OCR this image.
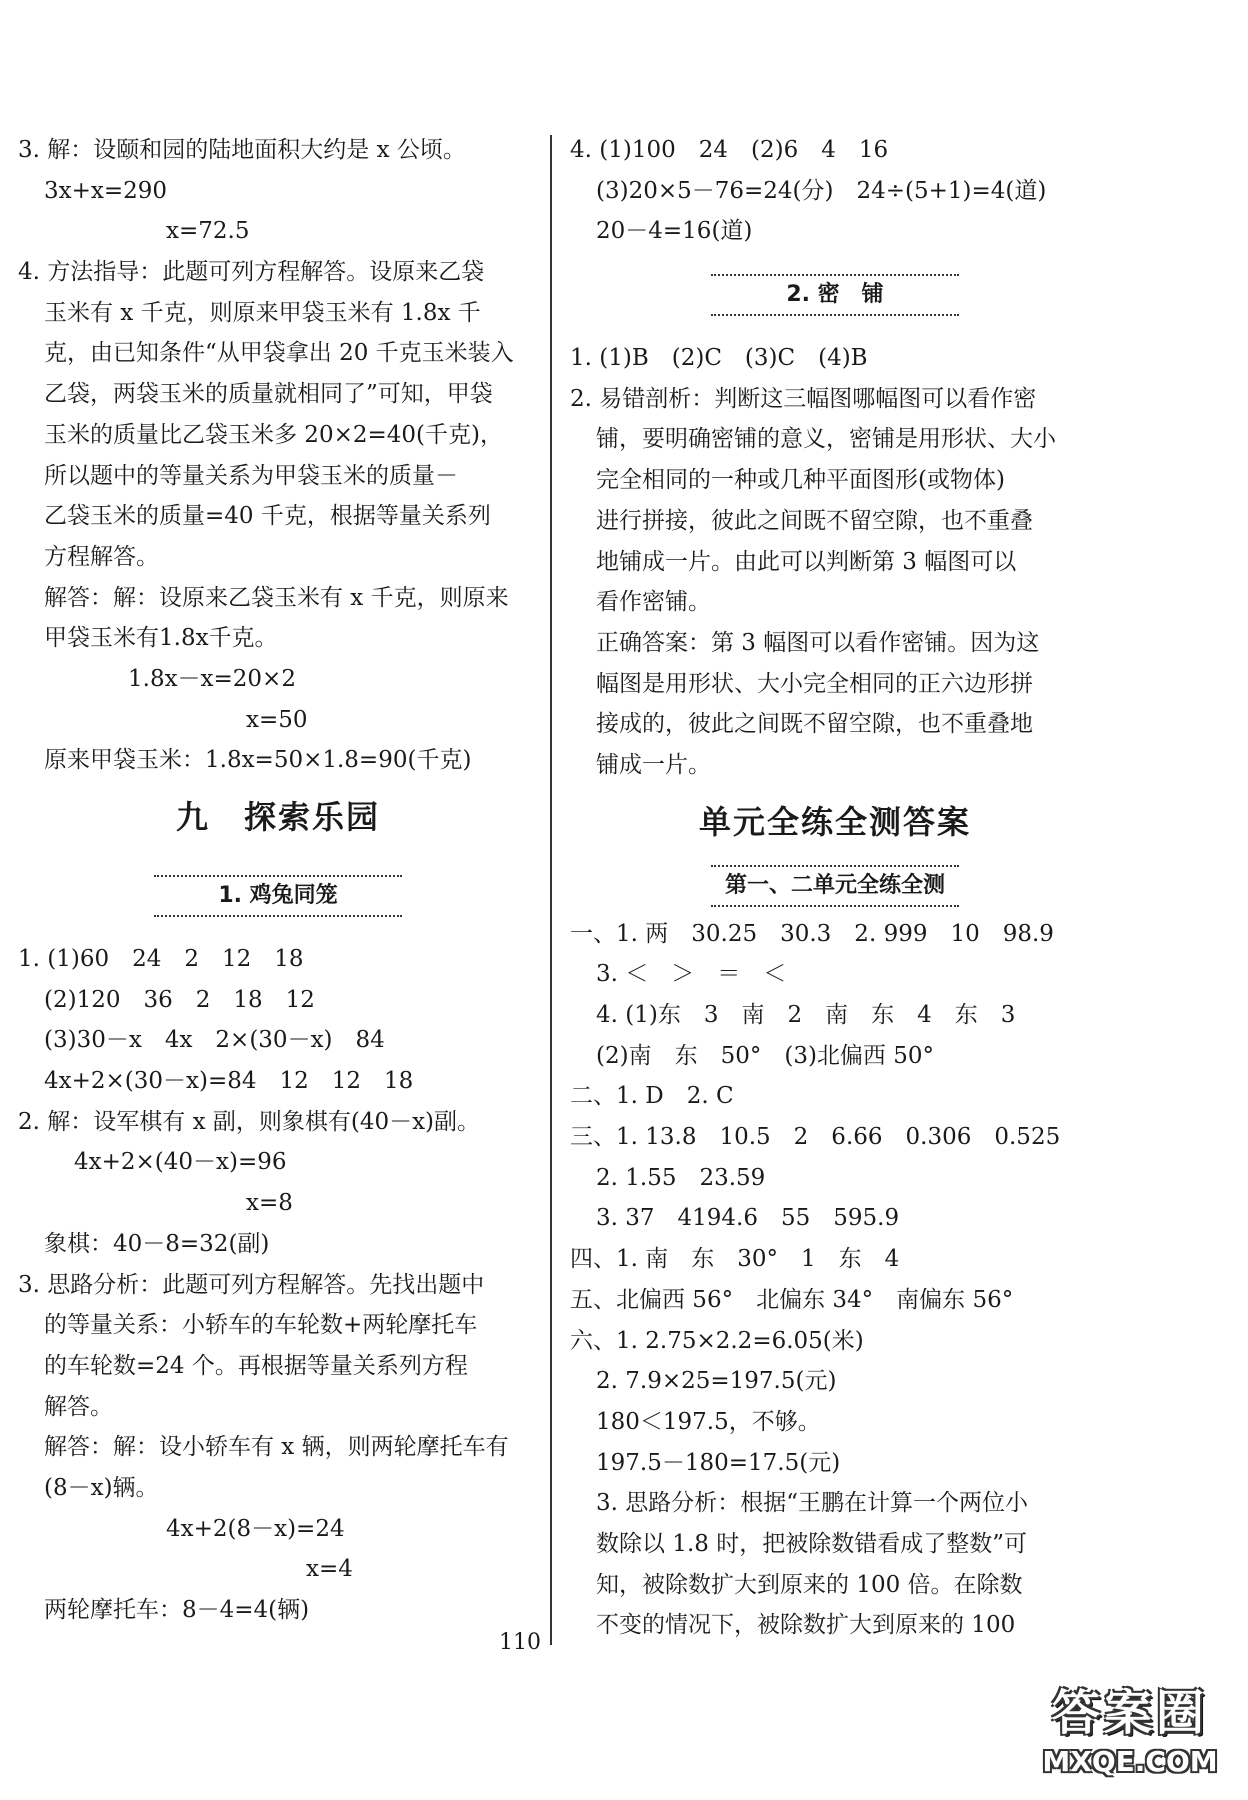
3. 解：设颐和园的陆地面积大约是 x 公顷。
3x+x=290
x=72.5
4. 方法指导：此题可列方程解答。设原来乙袋
玉米有 x 千克，则原来甲袋玉米有 1.8x 千
克，由已知条件“从甲袋拿出 20 千克玉米装入
乙袋，两袋玉米的质量就相同了”可知，甲袋
玉米的质量比乙袋玉米多 20×2=40(千克)，
所以题中的等量关系为甲袋玉米的质量－
乙袋玉米的质量=40 千克，根据等量关系列
方程解答。
解答：解：设原来乙袋玉米有 x 千克，则原来
甲袋玉米有1.8x千克。
1.8x－x=20×2
x=50
原来甲袋玉米：1.8x=50×1.8=90(千克)
九　探索乐园
1. 鸡兔同笼
1. (1)60　24　2　12　18
(2)120　36　2　18　12
(3)30－x　4x　2×(30－x)　84
4x+2×(30－x)=84　12　12　18
2. 解：设军棋有 x 副，则象棋有(40－x)副。
4x+2×(40－x)=96
x=8
象棋：40－8=32(副)
3. 思路分析：此题可列方程解答。先找出题中
的等量关系：小轿车的车轮数+两轮摩托车
的车轮数=24 个。再根据等量关系列方程
解答。
解答：解：设小轿车有 x 辆，则两轮摩托车有
(8－x)辆。
4x+2(8－x)=24
x=4
两轮摩托车：8－4=4(辆)
4. (1)100　24　(2)6　4　16
(3)20×5－76=24(分)　24÷(5+1)=4(道)
20－4=16(道)
2. 密　铺
1. (1)B　(2)C　(3)C　(4)B
2. 易错剖析：判断这三幅图哪幅图可以看作密
铺，要明确密铺的意义，密铺是用形状、大小
完全相同的一种或几种平面图形(或物体)
进行拼接，彼此之间既不留空隙，也不重叠
地铺成一片。由此可以判断第 3 幅图可以
看作密铺。
正确答案：第 3 幅图可以看作密铺。因为这
幅图是用形状、大小完全相同的正六边形拼
接成的，彼此之间既不留空隙，也不重叠地
铺成一片。
单元全练全测答案
第一、二单元全练全测
一、1. 两　30.25　30.3　2. 999　10　98.9
3. ＜　＞　＝　＜
4. (1)东　3　南　2　南　东　4　东　3
(2)南　东　50°　(3)北偏西 50°
二、1. D　2. C
三、1. 13.8　10.5　2　6.66　0.306　0.525
2. 1.55　23.59
3. 37　4194.6　55　595.9
四、1. 南　东　30°　1　东　4
五、北偏西 56°　北偏东 34°　南偏东 56°
六、1. 2.75×2.2=6.05(米)
2. 7.9×25=197.5(元)
180＜197.5，不够。
197.5－180=17.5(元)
3. 思路分析：根据“王鹏在计算一个两位小
数除以 1.8 时，把被除数错看成了整数”可
知，被除数扩大到原来的 100 倍。在除数
不变的情况下，被除数扩大到原来的 100
110
答案圈
MXQE.COM
